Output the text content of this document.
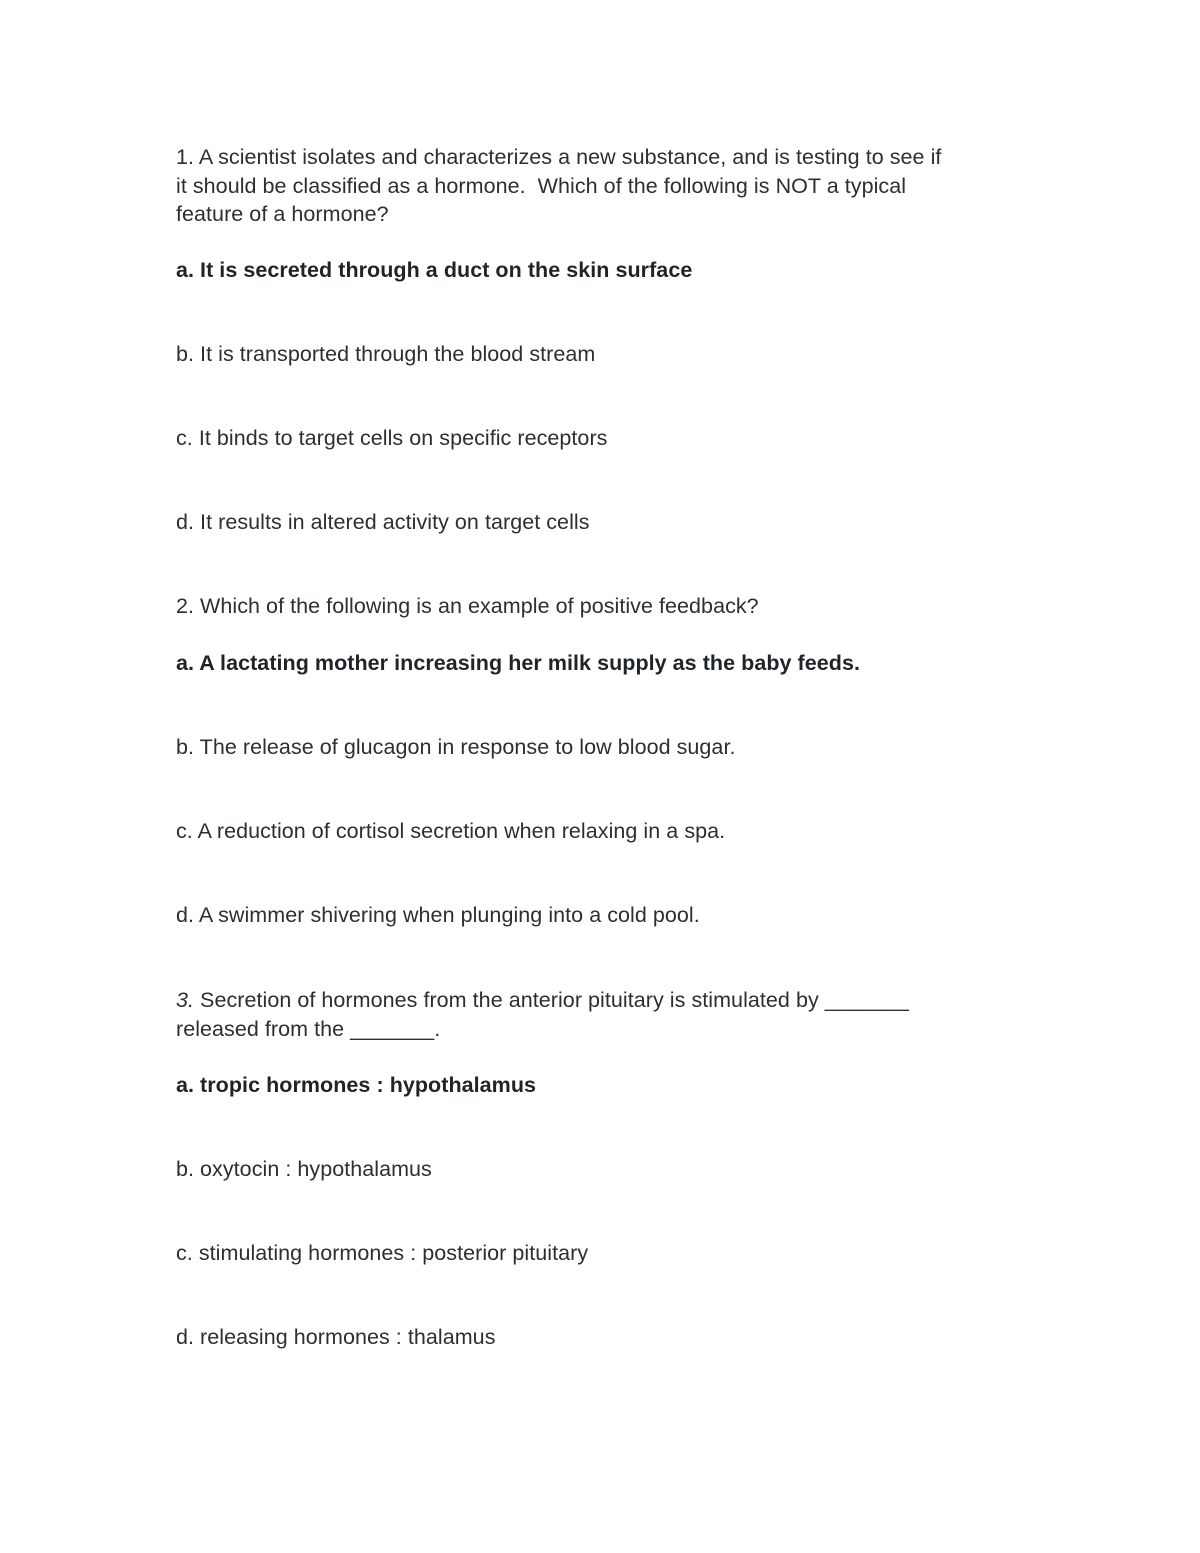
1. A scientist isolates and characterizes a new substance, and is testing to see if
it should be classified as a hormone.  Which of the following is NOT a typical
feature of a hormone?
a. It is secreted through a duct on the skin surface
b. It is transported through the blood stream
c. It binds to target cells on specific receptors
d. It results in altered activity on target cells
2. Which of the following is an example of positive feedback?
a. A lactating mother increasing her milk supply as the baby feeds.
b. The release of glucagon in response to low blood sugar.
c. A reduction of cortisol secretion when relaxing in a spa.
d. A swimmer shivering when plunging into a cold pool.
3. Secretion of hormones from the anterior pituitary is stimulated by _______
released from the _______.
a. tropic hormones : hypothalamus
b. oxytocin : hypothalamus
c. stimulating hormones : posterior pituitary
d. releasing hormones : thalamus
